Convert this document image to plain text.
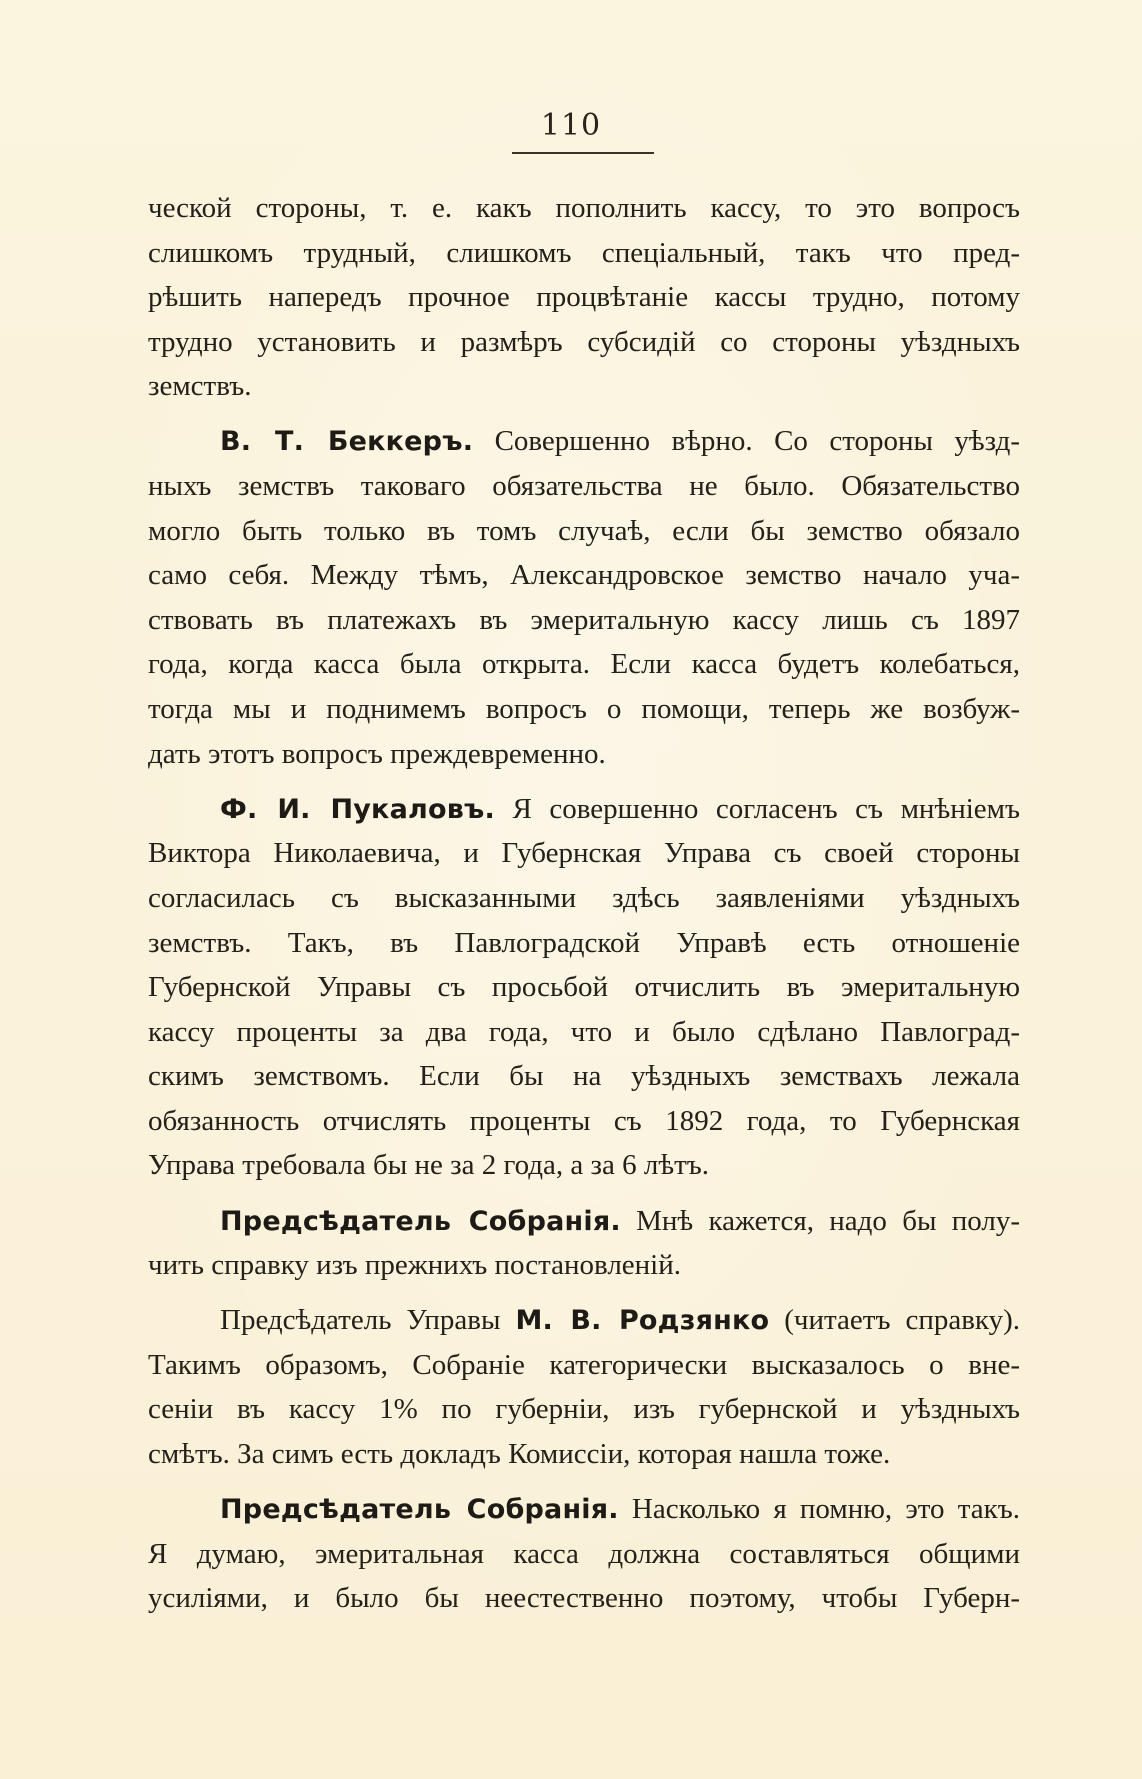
110
ческой стороны, т. е. какъ пополнить кассу, то это вопросъ
слишкомъ трудный, слишкомъ спеціальный, такъ что пред-
рѣшить напередъ прочное процвѣтаніе кассы трудно, потому
трудно установить и размѣръ субсидій со стороны уѣздныхъ
земствъ.
В. Т. Беккеръ. Совершенно вѣрно. Со стороны уѣзд-
ныхъ земствъ таковаго обязательства не было. Обязательство
могло быть только въ томъ случаѣ, если бы земство обязало
само себя. Между тѣмъ, Александровское земство начало уча-
ствовать въ платежахъ въ эмеритальную кассу лишь съ 1897
года, когда касса была открыта. Если касса будетъ колебаться,
тогда мы и поднимемъ вопросъ о помощи, теперь же возбуж-
дать этотъ вопросъ преждевременно.
Ф. И. Пукаловъ. Я совершенно согласенъ съ мнѣніемъ
Виктора Николаевича, и Губернская Управа съ своей стороны
согласилась съ высказанными здѣсь заявленіями уѣздныхъ
земствъ. Такъ, въ Павлоградской Управѣ есть отношеніе
Губернской Управы съ просьбой отчислить въ эмеритальную
кассу проценты за два года, что и было сдѣлано Павлоград-
скимъ земствомъ. Если бы на уѣздныхъ земствахъ лежала
обязанность отчислять проценты съ 1892 года, то Губернская
Управа требовала бы не за 2 года, а за 6 лѣтъ.
Предсѣдатель Собранія. Мнѣ кажется, надо бы полу-
чить справку изъ прежнихъ постановленій.
Предсѣдатель Управы М. В. Родзянко (читаетъ справку).
Такимъ образомъ, Собраніе категорически высказалось о вне-
сеніи въ кассу 1% по губерніи, изъ губернской и уѣздныхъ
смѣтъ. За симъ есть докладъ Комиссіи, которая нашла тоже.
Предсѣдатель Собранія. Насколько я помню, это такъ.
Я думаю, эмеритальная касса должна составляться общими
усиліями, и было бы неестественно поэтому, чтобы Губерн-
